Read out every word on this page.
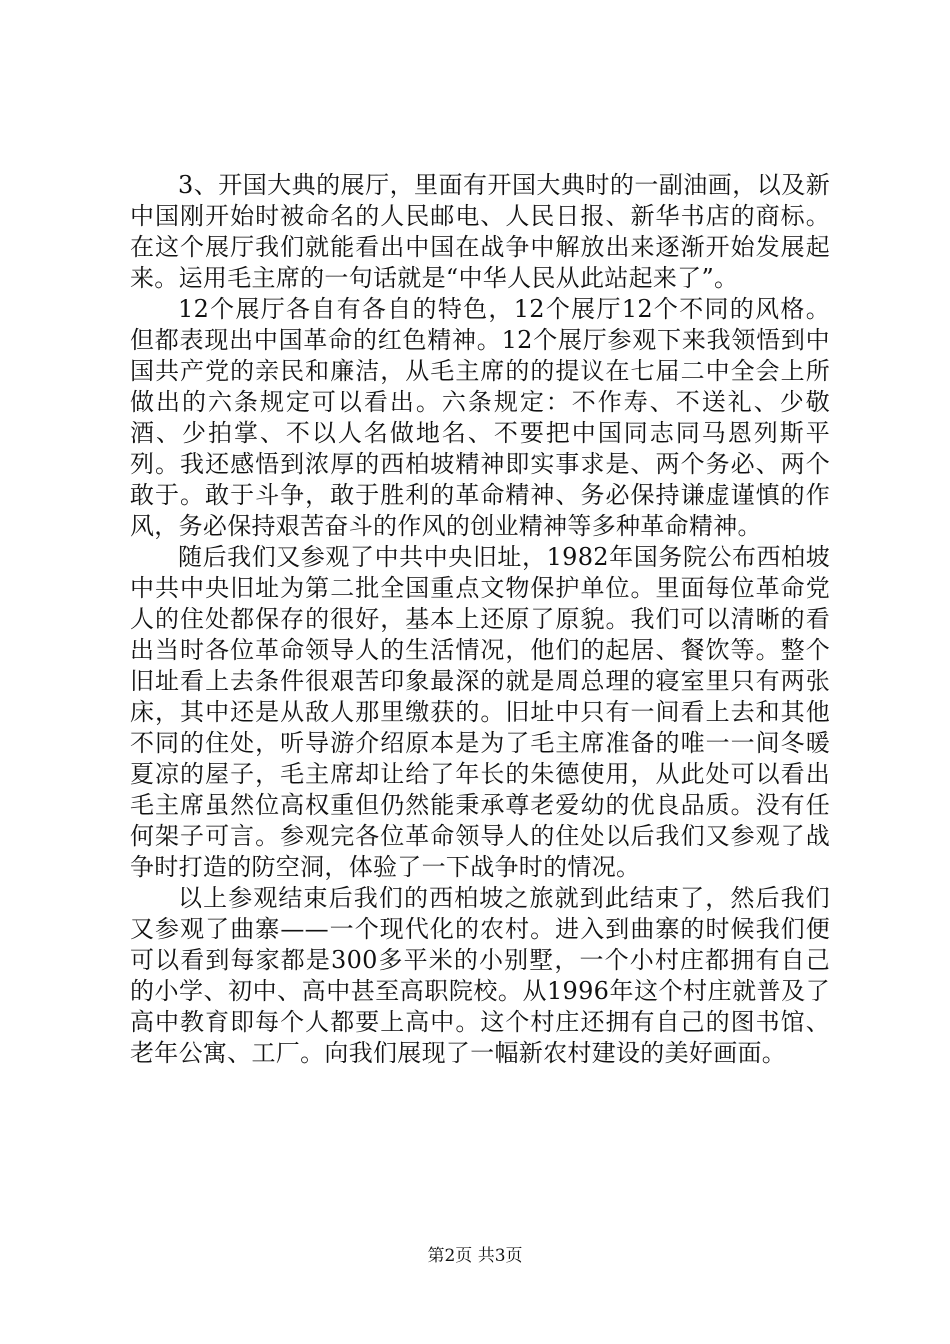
3、开国大典的展厅，里面有开国大典时的一副油画，以及新中国刚开始时被命名的人民邮电、人民日报、新华书店的商标。在这个展厅我们就能看出中国在战争中解放出来逐渐开始发展起来。运用毛主席的一句话就是“中华人民从此站起来了”。

12个展厅各自有各自的特色，12个展厅12个不同的风格。但都表现出中国革命的红色精神。12个展厅参观下来我领悟到中国共产党的亲民和廉洁，从毛主席的的提议在七届二中全会上所做出的六条规定可以看出。六条规定：不作寿、不送礼、少敬酒、少拍掌、不以人名做地名、不要把中国同志同马恩列斯平列。我还感悟到浓厚的西柏坡精神即实事求是、两个务必、两个敢于。敢于斗争，敢于胜利的革命精神、务必保持谦虚谨慎的作风，务必保持艰苦奋斗的作风的创业精神等多种革命精神。

随后我们又参观了中共中央旧址，1982年国务院公布西柏坡中共中央旧址为第二批全国重点文物保护单位。里面每位革命党人的住处都保存的很好，基本上还原了原貌。我们可以清晰的看出当时各位革命领导人的生活情况，他们的起居、餐饮等。整个旧址看上去条件很艰苦印象最深的就是周总理的寝室里只有两张床，其中还是从敌人那里缴获的。旧址中只有一间看上去和其他不同的住处，听导游介绍原本是为了毛主席准备的唯一一间冬暖夏凉的屋子，毛主席却让给了年长的朱德使用，从此处可以看出毛主席虽然位高权重但仍然能秉承尊老爱幼的优良品质。没有任何架子可言。参观完各位革命领导人的住处以后我们又参观了战争时打造的防空洞，体验了一下战争时的情况。

以上参观结束后我们的西柏坡之旅就到此结束了，然后我们又参观了曲寨——一个现代化的农村。进入到曲寨的时候我们便可以看到每家都是300多平米的小别墅，一个小村庄都拥有自己的小学、初中、高中甚至高职院校。从1996年这个村庄就普及了高中教育即每个人都要上高中。这个村庄还拥有自己的图书馆、老年公寓、工厂。向我们展现了一幅新农村建设的美好画面。

第2页 共3页
